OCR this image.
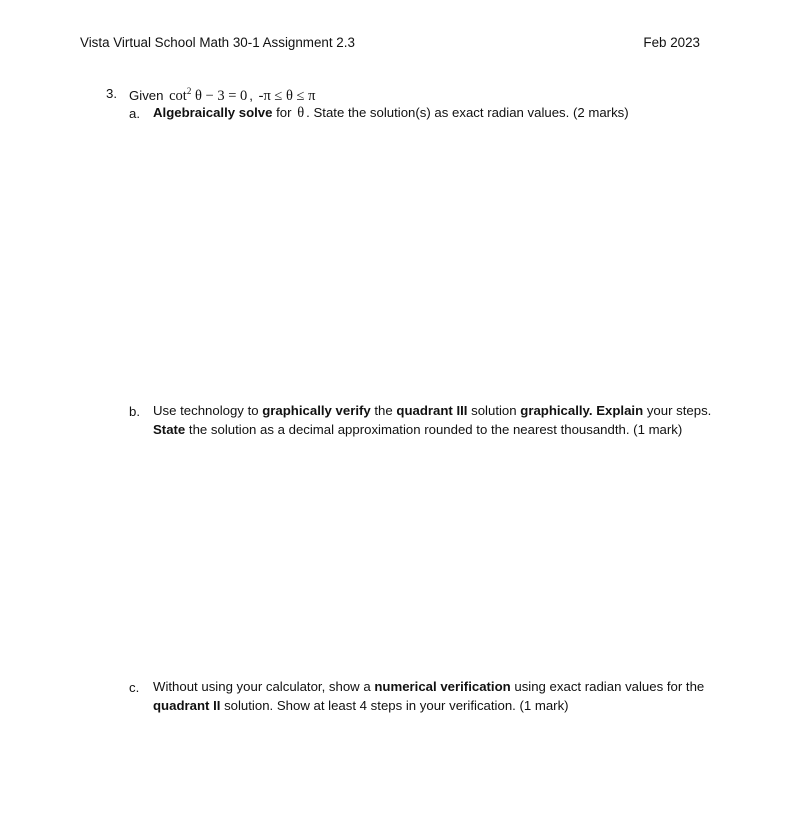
Vista Virtual School Math 30-1 Assignment 2.3	Feb 2023
3. Given $\cot^2 \theta - 3 = 0$ , -π ≤ θ ≤ π
a. Algebraically solve for θ . State the solution(s) as exact radian values. (2 marks)
b. Use technology to graphically verify the quadrant III solution graphically. Explain your steps. State the solution as a decimal approximation rounded to the nearest thousandth. (1 mark)
c. Without using your calculator, show a numerical verification using exact radian values for the quadrant II solution. Show at least 4 steps in your verification. (1 mark)
